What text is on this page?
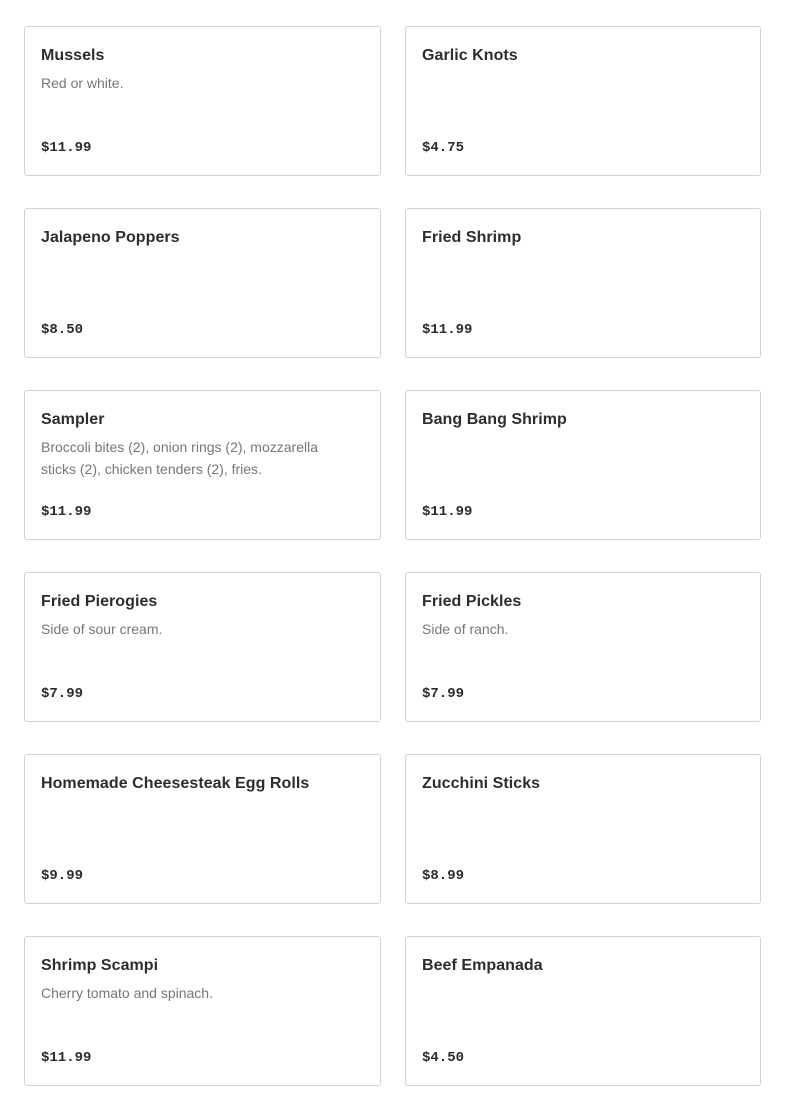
Mussels
Red or white.
$11.99
Garlic Knots
$4.75
Jalapeno Poppers
$8.50
Fried Shrimp
$11.99
Sampler
Broccoli bites (2), onion rings (2), mozzarella sticks (2), chicken tenders (2), fries.
$11.99
Bang Bang Shrimp
$11.99
Fried Pierogies
Side of sour cream.
$7.99
Fried Pickles
Side of ranch.
$7.99
Homemade Cheesesteak Egg Rolls
$9.99
Zucchini Sticks
$8.99
Shrimp Scampi
Cherry tomato and spinach.
$11.99
Beef Empanada
$4.50
